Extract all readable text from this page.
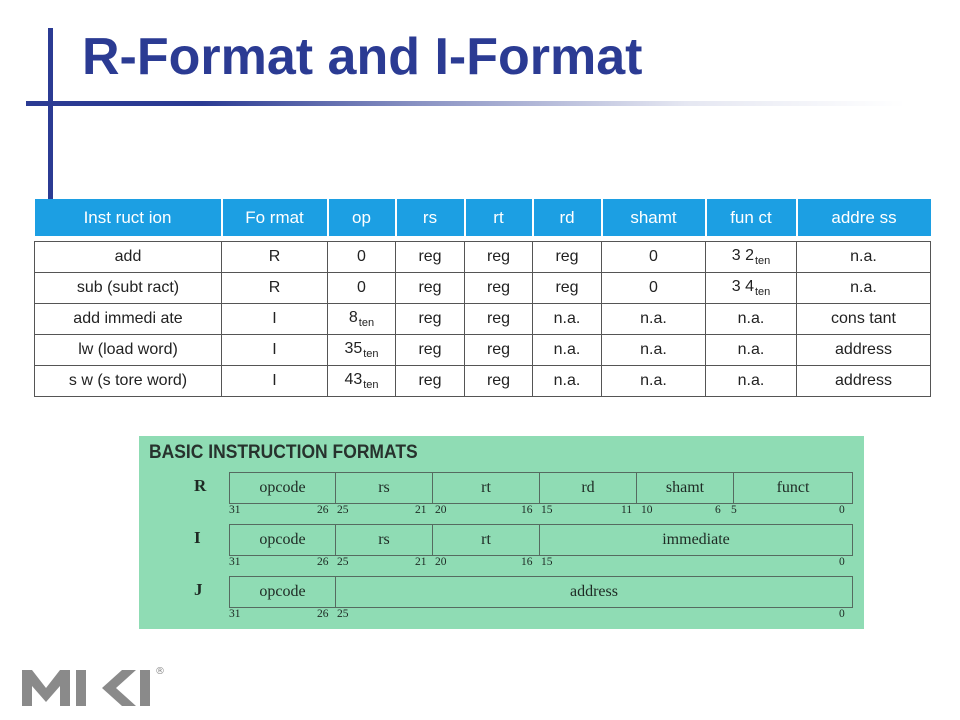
R-Format and I-Format
Inst ruct ion	Fo rmat	op	rs	rt	rd	shamt	fun ct	addre ss

add	R	0	reg	reg	reg	0	3 $2_{ten}$	n.a.
sub (subt ract)	R	0	reg	reg	reg	0	3 $4_{ten}$	n.a.
add immedi ate	I	$8_{ten}$	reg	reg	n.a.	n.a.	n.a.	cons tant
lw (load word)	I	$35_{ten}$	reg	reg	n.a.	n.a.	n.a.	address
s w (s tore word)	I	$43_{ten}$	reg	reg	n.a.	n.a.	n.a.	address
BASIC INSTRUCTION FORMATS
R	opcode	rs	rt	rd	shamt	funct
31	26 25	21 20	16 15	11 10	6 5	0
I	opcode	rs	rt	immediate
31	26 25	21 20	16 15	0
J	opcode	address
31	26 25	0
®
